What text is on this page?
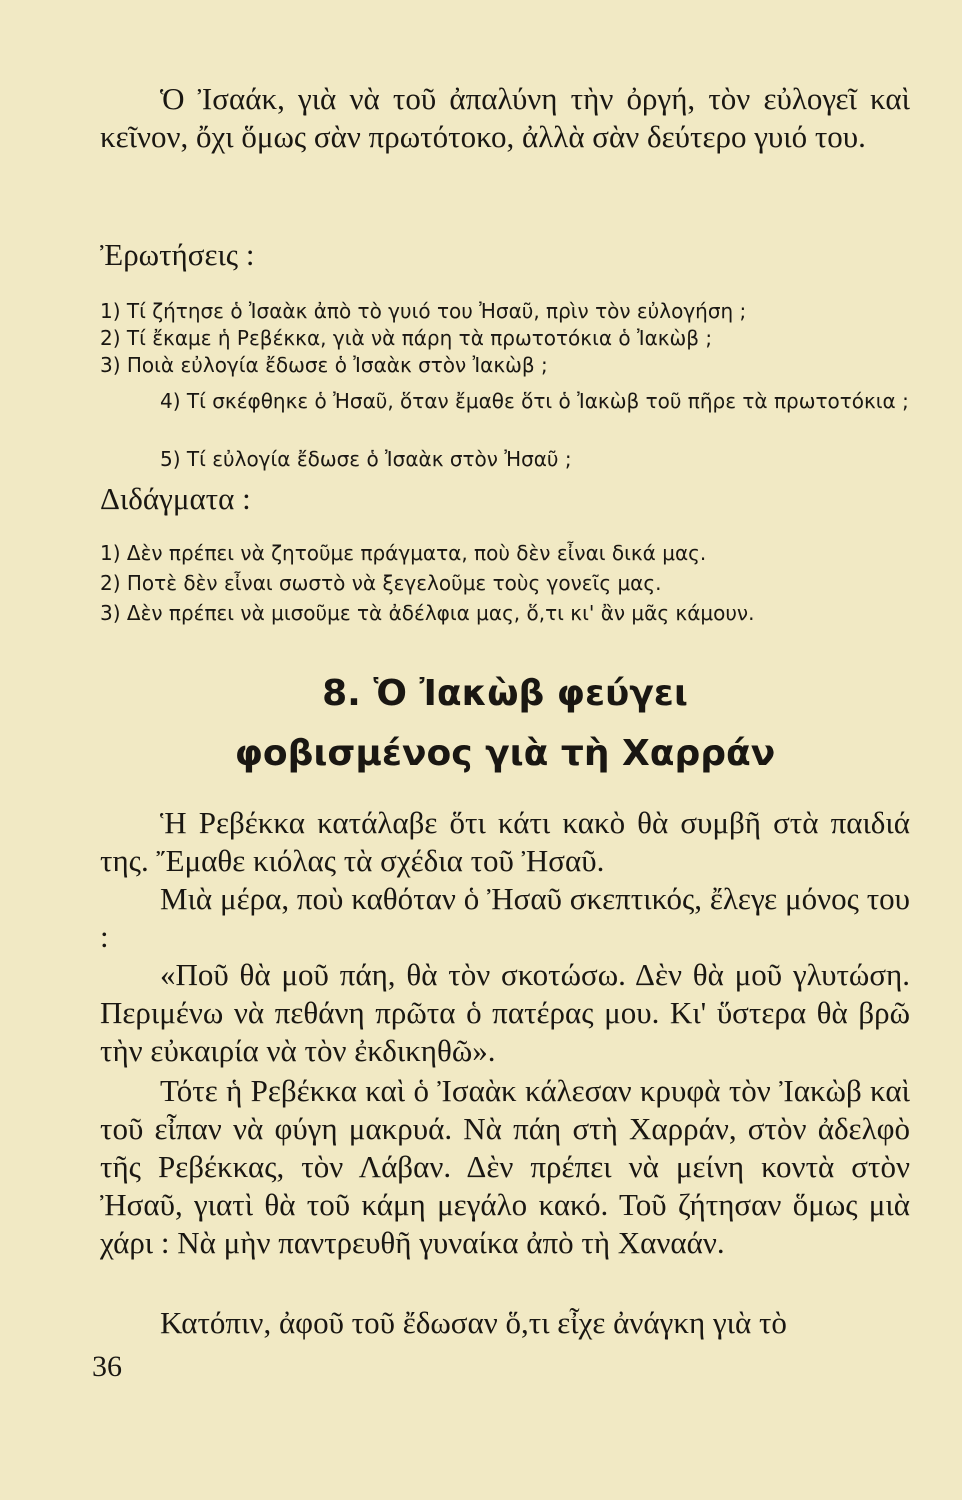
Ὁ Ἰσαάκ, γιὰ νὰ τοῦ ἀπαλύνη τὴν ὀργή, τὸν εὐλογεῖ καὶ κεῖνον, ὄχι ὅμως σὰν πρωτότοκο, ἀλλὰ σὰν δεύτερο γυιό του.

Ἐρωτήσεις :

1) Τί ζήτησε ὁ Ἰσαὰκ ἀπὸ τὸ γυιό του Ἠσαῦ, πρὶν τὸν εὐλογήση ;

2) Τί ἔκαμε ἡ Ρεβέκκα, γιὰ νὰ πάρη τὰ πρωτοτόκια ὁ Ἰακὼβ ;

3) Ποιὰ εὐλογία ἔδωσε ὁ Ἰσαὰκ στὸν Ἰακὼβ ;

4) Τί σκέφθηκε ὁ Ἠσαῦ, ὅταν ἔμαθε ὅτι ὁ Ἰακὼβ τοῦ πῆρε τὰ πρωτοτόκια ;

5) Τί εὐλογία ἔδωσε ὁ Ἰσαὰκ στὸν Ἠσαῦ ;

Διδάγματα :

1) Δὲν πρέπει νὰ ζητοῦμε πράγματα, ποὺ δὲν εἶναι δικά μας.

2) Ποτὲ δὲν εἶναι σωστὸ νὰ ξεγελοῦμε τοὺς γονεῖς μας.

3) Δὲν πρέπει νὰ μισοῦμε τὰ ἀδέλφια μας, ὅ,τι κι' ἂν μᾶς κάμουν.

8. Ὁ Ἰακὼβ φεύγει
φοβισμένος γιὰ τὴ Χαρράν

Ἡ Ρεβέκκα κατάλαβε ὅτι κάτι κακὸ θὰ συμβῆ στὰ παιδιά της. Ἔμαθε κιόλας τὰ σχέδια τοῦ Ἠσαῦ.

Μιὰ μέρα, ποὺ καθόταν ὁ Ἠσαῦ σκεπτικός, ἔλεγε μόνος του :

«Ποῦ θὰ μοῦ πάη, θὰ τὸν σκοτώσω. Δὲν θὰ μοῦ γλυτώση. Περιμένω νὰ πεθάνη πρῶτα ὁ πατέρας μου. Κι' ὕστερα θὰ βρῶ τὴν εὐκαιρία νὰ τὸν ἐκδικηθῶ».

Τότε ἡ Ρεβέκκα καὶ ὁ Ἰσαὰκ κάλεσαν κρυφὰ τὸν Ἰακὼβ καὶ τοῦ εἶπαν νὰ φύγη μακρυά. Νὰ πάη στὴ Χαρράν, στὸν ἀδελφὸ τῆς Ρεβέκκας, τὸν Λάβαν. Δὲν πρέπει νὰ μείνη κοντὰ στὸν Ἠσαῦ, γιατὶ θὰ τοῦ κάμη μεγάλο κακό. Τοῦ ζήτησαν ὅμως μιὰ χάρι : Νὰ μὴν παντρευθῆ γυναίκα ἀπὸ τὴ Χαναάν.

Κατόπιν, ἀφοῦ τοῦ ἔδωσαν ὅ,τι εἶχε ἀνάγκη γιὰ τὸ

36
